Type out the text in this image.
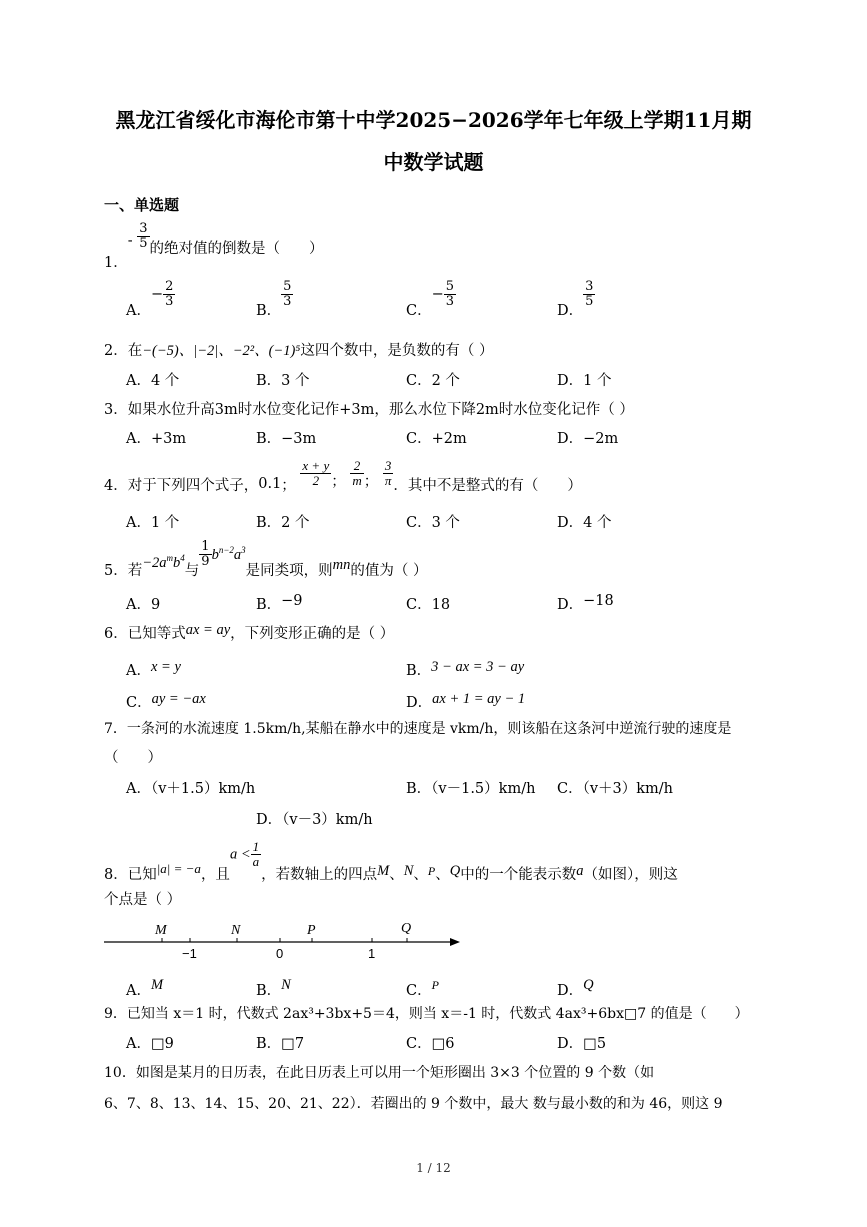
黑龙江省绥化市海伦市第十中学2025−2026学年七年级上学期11月期
中数学试题
一、单选题
1．- $\frac{3}{5}$ 的绝对值的倒数是（　　）
A．− $\frac{2}{3}$
B．
$\frac{5}{3}$
C．− $\frac{5}{3}$
D．
$\frac{3}{5}$
2．在−(−5)、|−2|、−2²、(−1)⁵这四个数中，是负数的有（ ）
A．4 个	B．3 个	C．2 个	D．1 个
3．如果水位升高3m时水位变化记作+3m，那么水位下降2m时水位变化记作（ ）
A．+3m	B．−3m	C．+2m	D．−2m
4．对于下列四个式子，0.1； $\frac{x + y}{2}$ ； $\frac{2}{m}$ ； $\frac{3}{\pi}$ ．其中不是整式的有（　　）
A．1 个	B．2 个	C．3 个	D．4 个
5．若$-2a^mb^4$与
$\frac{1}{9} b^{n-2}a^3$是同类项，则mn的值为（ ）
A．9	B．−9	C．18	D．−18
6．已知等式ax = ay，下列变形正确的是（ ）
A．x = y	B．3 − ax = 3 − ay
C．ay = −ax	D．ax + 1 = ay − 1
7．一条河的水流速度 1.5km/h,某船在静水中的速度是 vkm/h，则该船在这条河中逆流行驶的速度是
（　　）
A．（v＋1.5）km/h	B．（v－1.5）km/h C．（v＋3）km/h
D．（v－3）km/h
8．已知|a| = −a，且$a < \frac{1}{a}$
，若数轴上的四点M、N、$_P$、Q中的一个能表示数a（如图），则这
个点是（ ）
M	N	P	Q
−1	0	1
A．M	B．N	C．P	D．Q
9．已知当 x＝1 时，代数式 2ax³+3bx+5＝4，则当 x＝-1 时，代数式 4ax³+6bx□7 的值是（　　）
A．□9	B．□7	C．□6	D．□5
10．如图是某月的日历表，在此日历表上可以用一个矩形圈出 3×3 个位置的 9 个数（如
6、7、8、13、14、15、20、21、22）．若圈出的 9 个数中，最大 数与最小数的和为 46，则这 9
1 / 12
